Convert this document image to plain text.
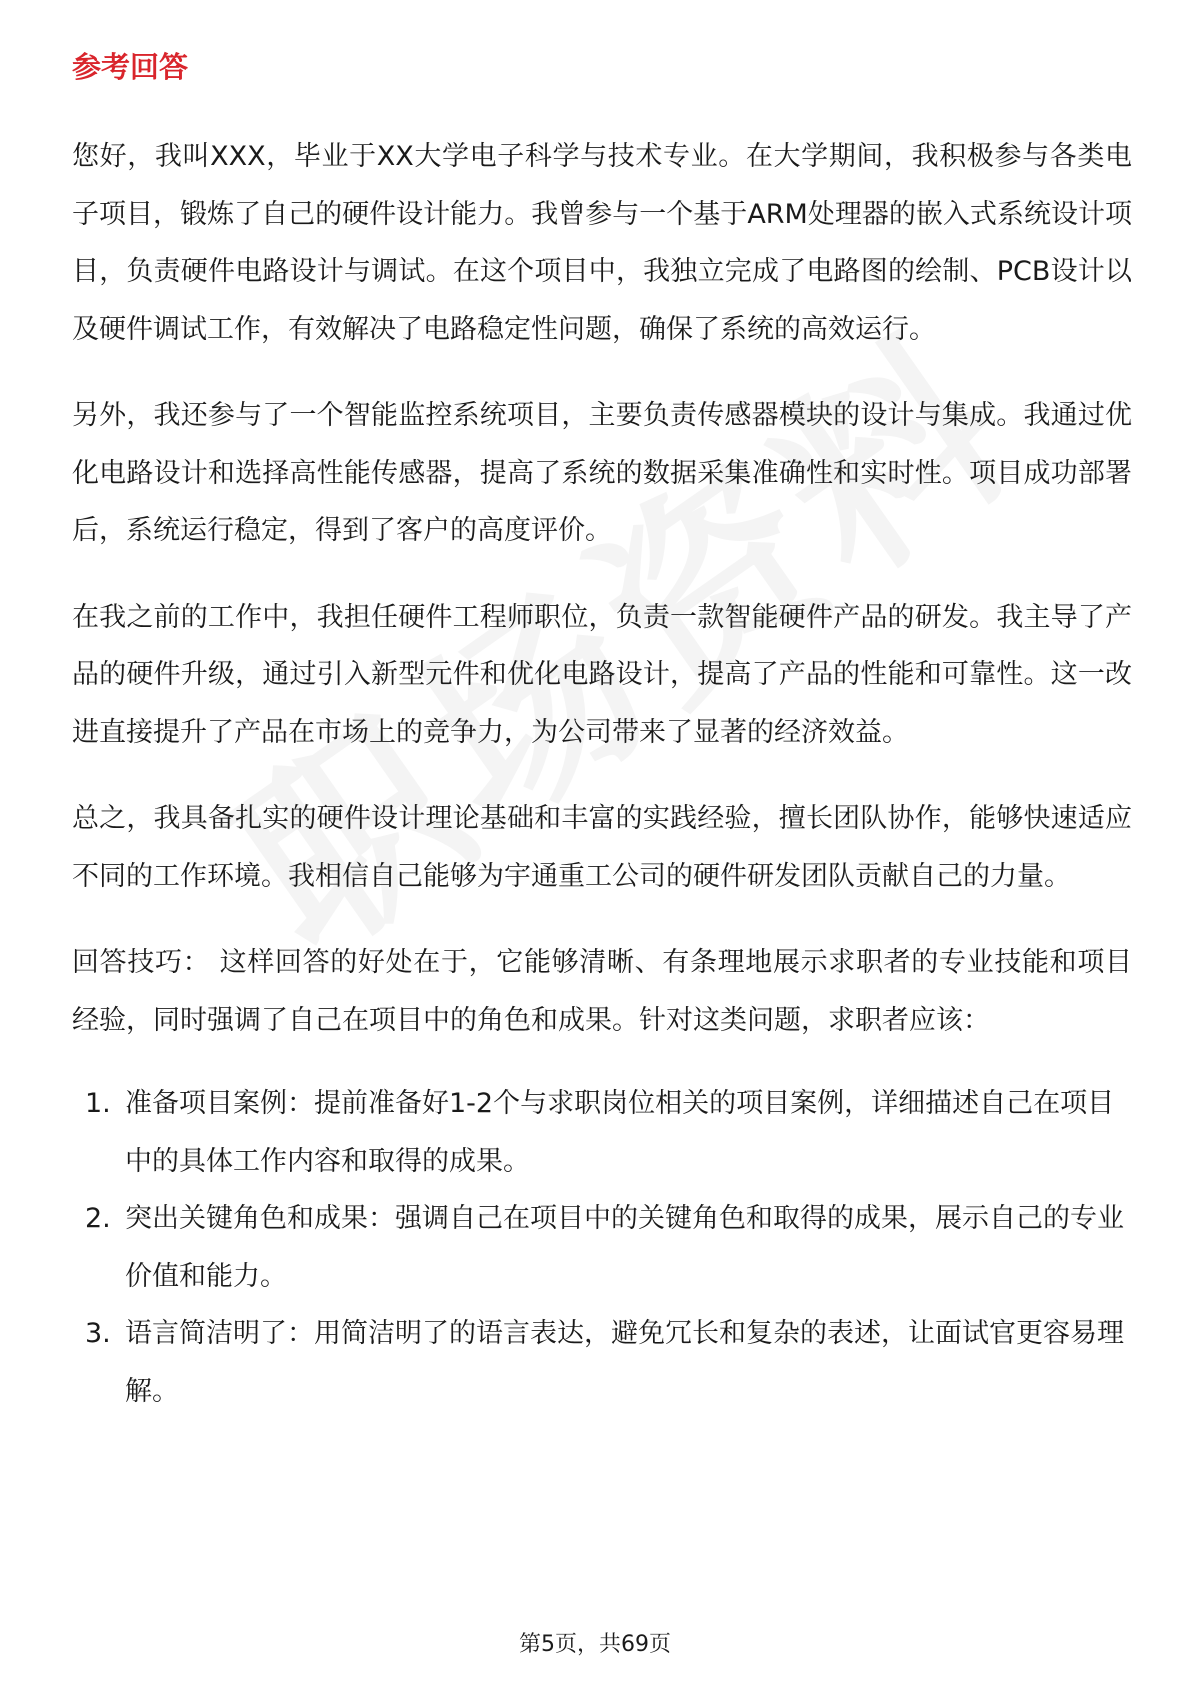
参考回答

您好，我叫XXX，毕业于XX大学电子科学与技术专业。在大学期间，我积极参与各类电子项目，锻炼了自己的硬件设计能力。我曾参与一个基于ARM处理器的嵌入式系统设计项目，负责硬件电路设计与调试。在这个项目中，我独立完成了电路图的绘制、PCB设计以及硬件调试工作，有效解决了电路稳定性问题，确保了系统的高效运行。

另外，我还参与了一个智能监控系统项目，主要负责传感器模块的设计与集成。我通过优化电路设计和选择高性能传感器，提高了系统的数据采集准确性和实时性。项目成功部署后，系统运行稳定，得到了客户的高度评价。

在我之前的工作中，我担任硬件工程师职位，负责一款智能硬件产品的研发。我主导了产品的硬件升级，通过引入新型元件和优化电路设计，提高了产品的性能和可靠性。这一改进直接提升了产品在市场上的竞争力，为公司带来了显著的经济效益。

总之，我具备扎实的硬件设计理论基础和丰富的实践经验，擅长团队协作，能够快速适应不同的工作环境。我相信自己能够为宇通重工公司的硬件研发团队贡献自己的力量。

回答技巧： 这样回答的好处在于，它能够清晰、有条理地展示求职者的专业技能和项目经验，同时强调了自己在项目中的角色和成果。针对这类问题，求职者应该：

1. 准备项目案例：提前准备好1-2个与求职岗位相关的项目案例，详细描述自己在项目中的具体工作内容和取得的成果。
2. 突出关键角色和成果：强调自己在项目中的关键角色和取得的成果，展示自己的专业价值和能力。
3. 语言简洁明了：用简洁明了的语言表达，避免冗长和复杂的表述，让面试官更容易理解。
第5页，共69页
